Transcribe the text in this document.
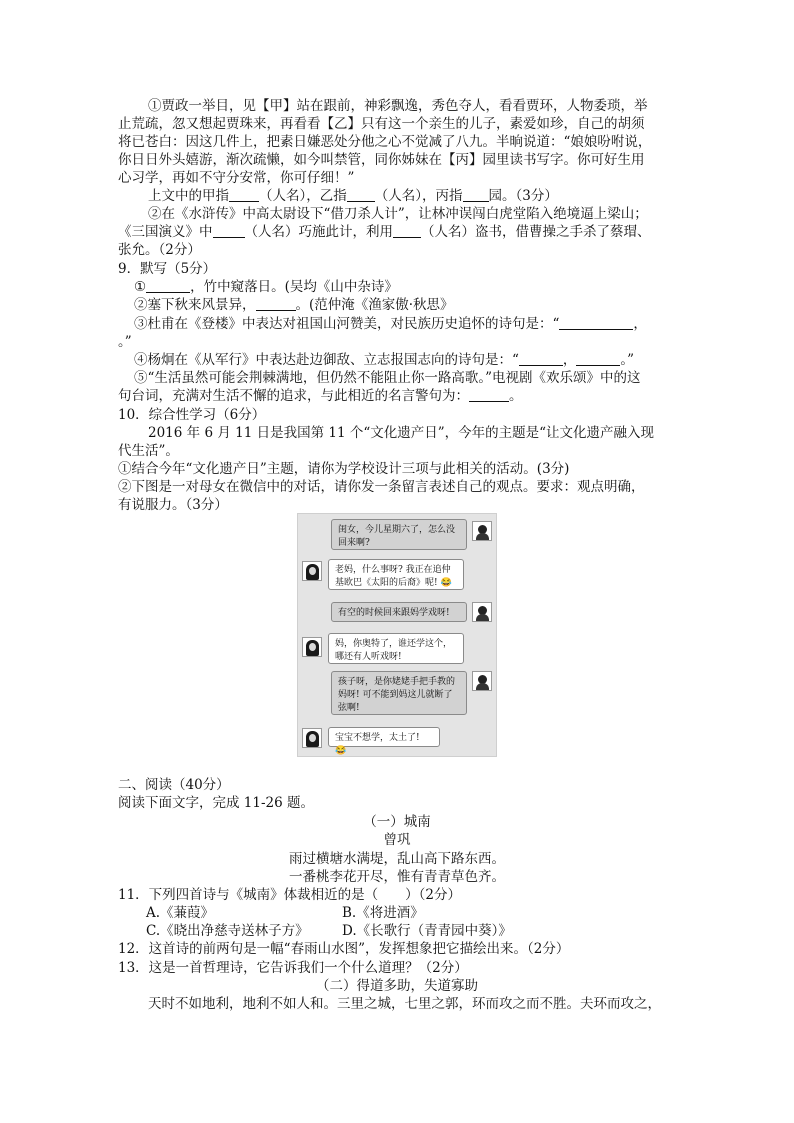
①贾政一举目，见【甲】站在跟前，神彩飘逸，秀色夺人，看看贾环，人物委琐，举
止荒疏，忽又想起贾珠来，再看看【乙】只有这一个亲生的儿子，素爱如珍，自己的胡须
将已苍白：因这几件上，把素日嫌恶处分他之心不觉减了八九。半晌说道：“娘娘吩咐说，
你日日外头嬉游，渐次疏懒，如今叫禁管，同你姊妹在【丙】园里读书写字。你可好生用
心习学，再如不守分安常，你可仔细！”
上文中的甲指 （人名），乙指 （人名），丙指 园。（3分）
②在《水浒传》中高太尉设下“借刀杀人计”，让林冲误闯白虎堂陷入绝境逼上梁山；
《三国演义》中 （人名）巧施此计，利用 （人名）盗书，借曹操之手杀了蔡瑁、
张允。（2分）
9．默写（5分）
①	，竹中窥落日。(吴均《山中杂诗》
②塞下秋来风景异，	。(范仲淹《渔家傲·秋思》
③杜甫在《登楼》中表达对祖国山河赞美，对民族历史追怀的诗句是：“	，
。”
④杨炯在《从军行》中表达赴边御敌、立志报国志向的诗句是：“	，	。”
⑤“生活虽然可能会荆棘满地，但仍然不能阻止你一路高歌。”电视剧《欢乐颂》中的这
句台词，充满对生活不懈的追求，与此相近的名言警句为：	。
10．综合性学习（6分）
2016 年 6 月 11 日是我国第 11 个“文化遗产日”，今年的主题是“让文化遗产融入现
代生活”。
①结合今年“文化遗产日”主题，请你为学校设计三项与此相关的活动。(3分)
②下图是一对母女在微信中的对话，请你发一条留言表述自己的观点。要求：观点明确，
有说服力。（3分）
闺女，今儿星期六了，怎么没回来啊?
老妈，什么事呀? 我正在追仲基欧巴《太阳的后裔》呢! 😂
有空的时候回来跟妈学戏呀!
妈，你奥特了，谁还学这个，哪还有人听戏呀!
孩子呀，是你姥姥手把手教的妈呀! 可不能到妈这儿就断了弦啊!
宝宝不想学，太土了! 😂
二、阅读（40分）
阅读下面文字，完成 11-26 题。
（一）城南
曾巩
雨过横塘水满堤，乱山高下路东西。
一番桃李花开尽，惟有青青草色齐。
11．下列四首诗与《城南》体裁相近的是（　　）（2分）
A.《蒹葭》	B.《将进酒》
C.《晓出净慈寺送林子方》	D.《长歌行（青青园中葵）》
12．这首诗的前两句是一幅“春雨山水图”，发挥想象把它描绘出来。（2分）
13．这是一首哲理诗，它告诉我们一个什么道理？（2分）
（二）得道多助，失道寡助
天时不如地利，地利不如人和。三里之城，七里之郭，环而攻之而不胜。夫环而攻之，
